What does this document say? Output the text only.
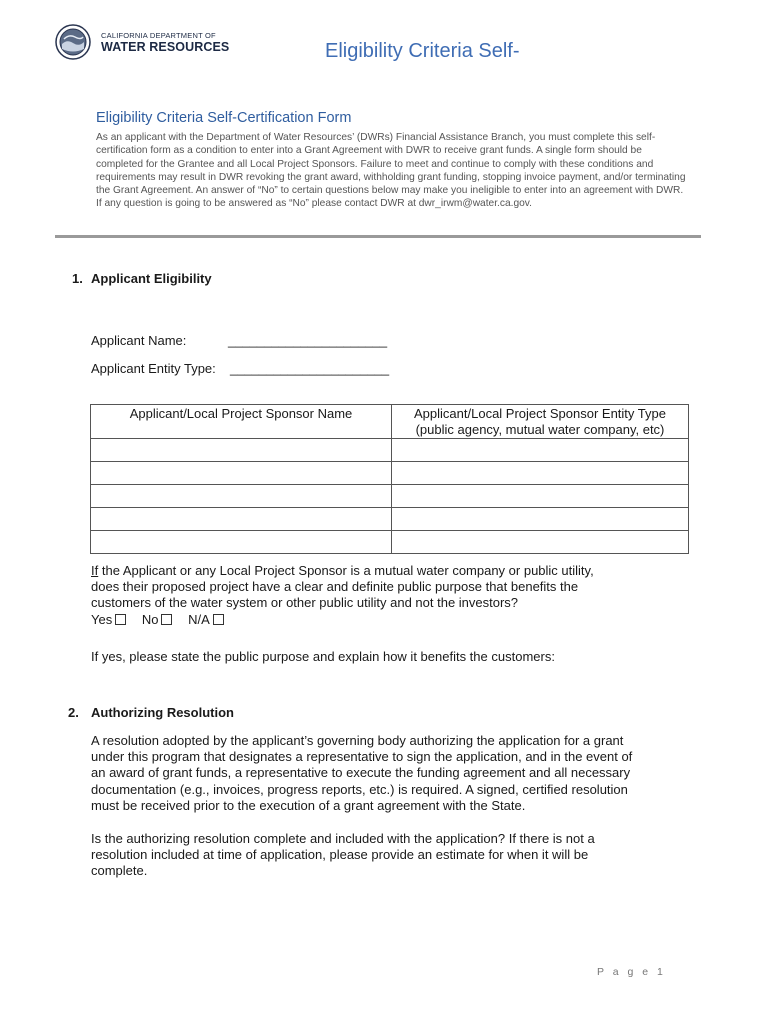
CALIFORNIA DEPARTMENT OF
WATER RESOURCES	Eligibility Criteria Self-
Eligibility Criteria Self-Certification Form
As an applicant with the Department of Water Resources’ (DWRs) Financial Assistance Branch, you must complete this self-certification form as a condition to enter into a Grant Agreement with DWR to receive grant funds. A single form should be completed for the Grantee and all Local Project Sponsors. Failure to meet and continue to comply with these conditions and requirements may result in DWR revoking the grant award, withholding grant funding, stopping invoice payment, and/or terminating the Grant Agreement. An answer of “No” to certain questions below may make you ineligible to enter into an agreement with DWR. If any question is going to be answered as “No” please contact DWR at dwr_irwm@water.ca.gov.
1. Applicant Eligibility
Applicant Name:	______________________
Applicant Entity Type: ______________________
Applicant/Local Project Sponsor Name	Applicant/Local Project Sponsor Entity Type
(public agency, mutual water company, etc)

If the Applicant or any Local Project Sponsor is a mutual water company or public utility,
does their proposed project have a clear and definite public purpose that benefits the
customers of the water system or other public utility and not the investors?
Yes No N/A
If yes, please state the public purpose and explain how it benefits the customers:
2. Authorizing Resolution
A resolution adopted by the applicant’s governing body authorizing the application for a grant
under this program that designates a representative to sign the application, and in the event of
an award of grant funds, a representative to execute the funding agreement and all necessary
documentation (e.g., invoices, progress reports, etc.) is required. A signed, certified resolution
must be received prior to the execution of a grant agreement with the State.
Is the authorizing resolution complete and included with the application? If there is not a
resolution included at time of application, please provide an estimate for when it will be
complete.
P a g e 1
